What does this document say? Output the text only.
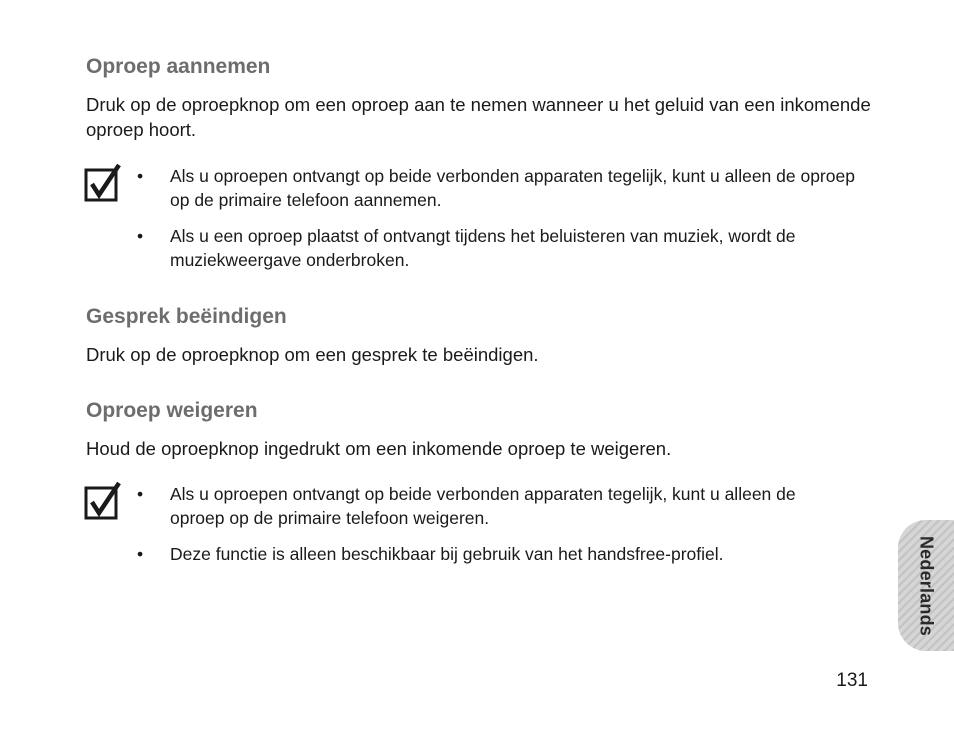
Oproep aannemen

Druk op de oproepknop om een oproep aan te nemen wanneer u het geluid van een inkomende oproep hoort.

•	Als u oproepen ontvangt op beide verbonden apparaten tegelijk, kunt u alleen de oproep op de primaire telefoon aannemen.
•	Als u een oproep plaatst of ontvangt tijdens het beluisteren van muziek, wordt de muziekweergave onderbroken.
Gesprek beëindigen

Druk op de oproepknop om een gesprek te beëindigen.

Oproep weigeren

Houd de oproepknop ingedrukt om een inkomende oproep te weigeren.

•	Als u oproepen ontvangt op beide verbonden apparaten tegelijk, kunt u alleen de oproep op de primaire telefoon weigeren.
•	Deze functie is alleen beschikbaar bij gebruik van het handsfree-profiel.	Nederlands
131
